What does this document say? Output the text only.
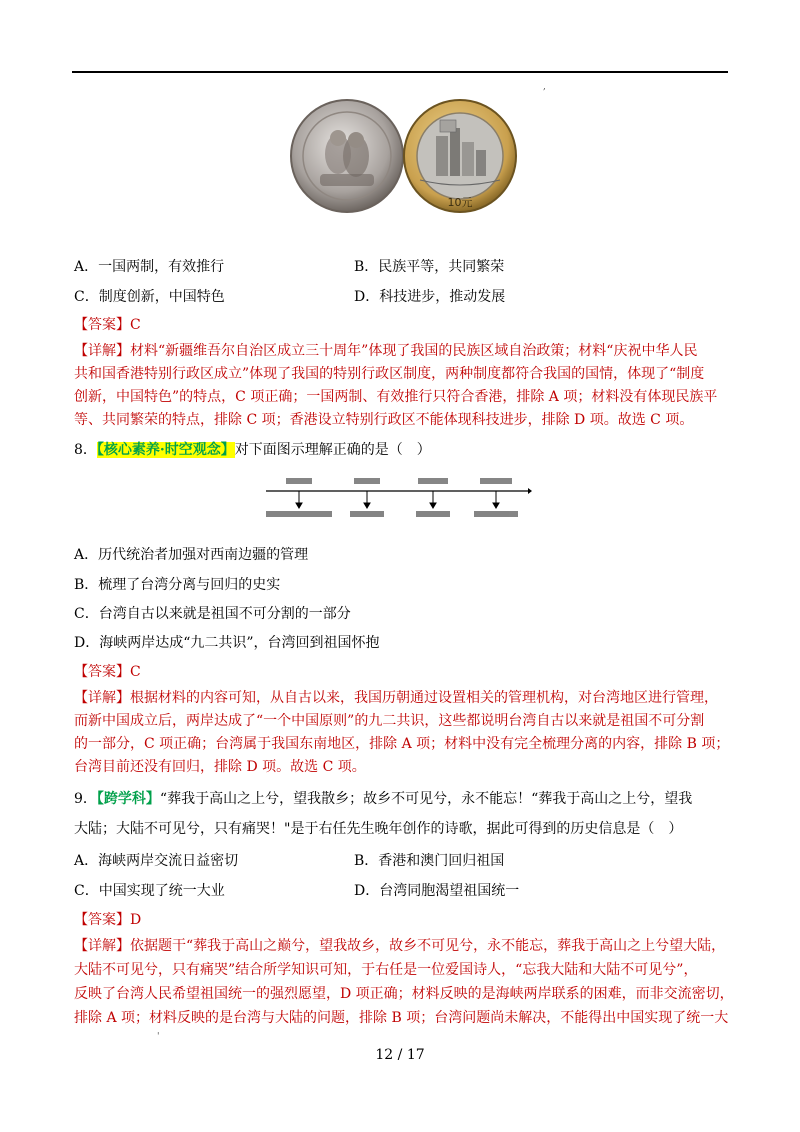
,
10元
A．一国两制，有效推行	B．民族平等，共同繁荣
C．制度创新，中国特色	D．科技进步，推动发展
【答案】C
【详解】材料“新疆维吾尔自治区成立三十周年”体现了我国的民族区域自治政策；材料“庆祝中华人民
共和国香港特别行政区成立”体现了我国的特别行政区制度，两种制度都符合我国的国情，体现了“制度
创新，中国特色”的特点，C 项正确；一国两制、有效推行只符合香港，排除 A 项；材料没有体现民族平
等、共同繁荣的特点，排除 C 项；香港设立特别行政区不能体现科技进步，排除 D 项。故选 C 项。
8．【核心素养·时空观念】对下面图示理解正确的是（　）
A．历代统治者加强对西南边疆的管理
B．梳理了台湾分离与回归的史实
C．台湾自古以来就是祖国不可分割的一部分
D．海峡两岸达成“九二共识”，台湾回到祖国怀抱
【答案】C
【详解】根据材料的内容可知，从自古以来，我国历朝通过设置相关的管理机构，对台湾地区进行管理，
而新中国成立后，两岸达成了“一个中国原则”的九二共识，这些都说明台湾自古以来就是祖国不可分割
的一部分，C 项正确；台湾属于我国东南地区，排除 A 项；材料中没有完全梳理分离的内容，排除 B 项；
台湾目前还没有回归，排除 D 项。故选 C 项。
9．【跨学科】“葬我于高山之上兮，望我散乡；故乡不可见兮，永不能忘！“葬我于高山之上兮，望我
大陆；大陆不可见兮，只有痛哭！"是于右任先生晚年创作的诗歌，据此可得到的历史信息是（　）
A．海峡两岸交流日益密切	B．香港和澳门回归祖国
C．中国实现了统一大业	D．台湾同胞渴望祖国统一
【答案】D
【详解】依据题干“葬我于高山之巅兮，望我故乡，故乡不可见兮，永不能忘，葬我于高山之上兮望大陆，
大陆不可见兮，只有痛哭”结合所学知识可知，于右任是一位爱国诗人，“忘我大陆和大陆不可见兮”，
反映了台湾人民希望祖国统一的强烈愿望，D 项正确；材料反映的是海峡两岸联系的困难，而非交流密切，
排除 A 项；材料反映的是台湾与大陆的问题，排除 B 项；台湾问题尚未解决，不能得出中国实现了统一大
'
12 / 17
